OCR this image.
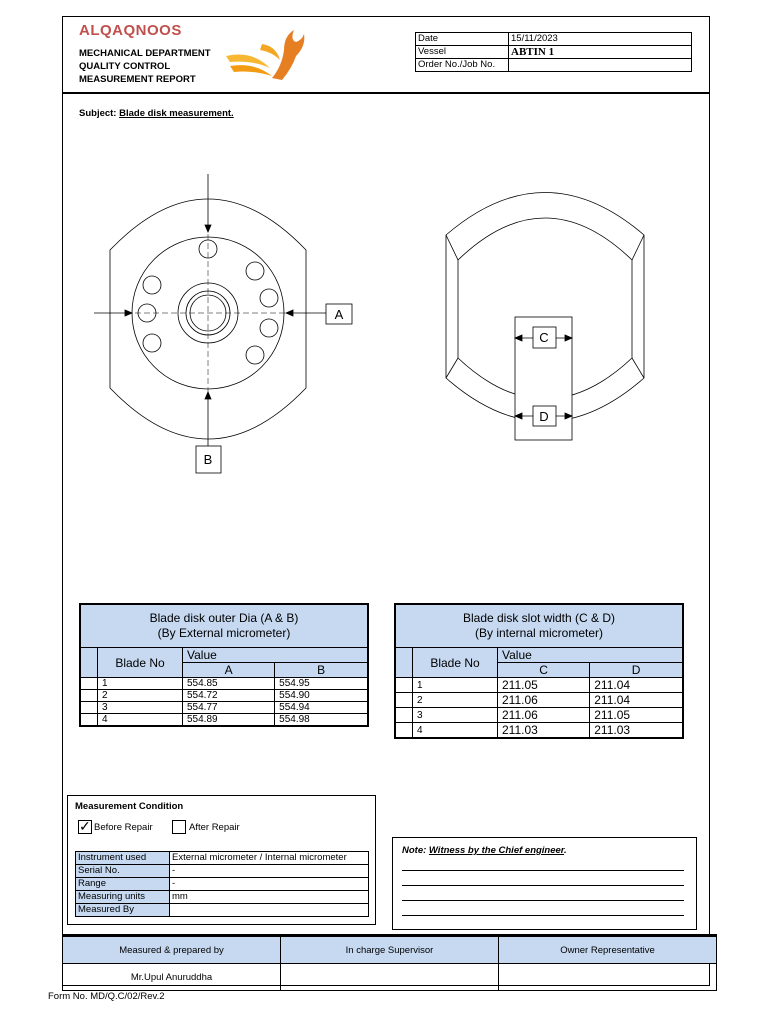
ALQAQNOOS
MECHANICAL DEPARTMENT
QUALITY CONTROL
MEASUREMENT REPORT
Date	15/11/2023
Vessel	ABTIN 1
Order No./Job No.	
Subject: Blade disk measurement.
A
B
C
D
Blade disk outer Dia (A & B)
(By External micrometer)			

	Blade No	Value	
		A	B
	1	554.85	554.95
	2	554.72	554.90
	3	554.77	554.94
	4	554.89	554.98
Blade disk slot width (C & D)
(By internal micrometer)			

	Blade No	Value	
		C	D
	1	211.05	211.04
	2	211.06	211.04
	3	211.06	211.05
	4	211.03	211.03
Measurement Condition
✓ Before Repair	After Repair
Instrument used	External micrometer / Internal micrometer
Serial No.	-
Range	-
Measuring units	mm
Measured By	
Note: Witness by the Chief engineer.
Measured & prepared by	In charge Supervisor	Owner Representative
Mr.Upul Anuruddha		
Form No. MD/Q.C/02/Rev.2
